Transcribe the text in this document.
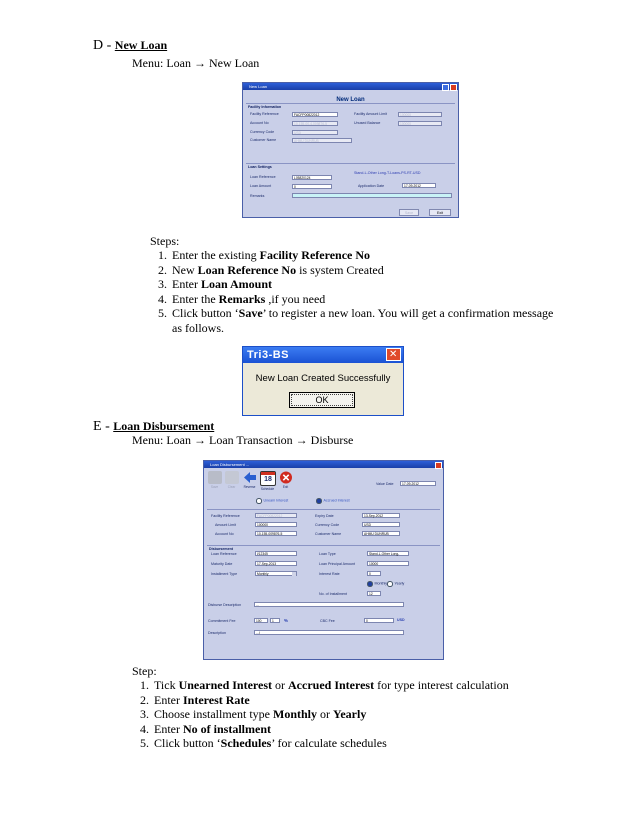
D - New Loan
Menu: Loan → New Loan
New Loan
New Loan
Facility Information
Facility Reference	FACFP00822012	Facility Amount Limit	100000
Account No	10-155-00-4-009876-5	Unused Balance	100000
Currency Code	USD
Customer Name	AHMU DUNRUB
Loan Settings
Loan Reference	L05820124
Stand-L-Other Long-T-Loans-PS-RT-USD
Loan Amount	0	Application Date	17-09-2012
Remarks
Save	Exit
Steps:
1. Enter the existing Facility Reference No
2. New Loan Reference No is system Created
3. Enter Loan Amount
4. Enter the Remarks ,if you need
5. Click button ‘Save’ to register a new loan. You will get a confirmation message as follows.
Tri3-BS	✕
New Loan Created Successfully
OK
E - Loan Disbursement
Menu: Loan → Loan Transaction → Disburse
Loan Disbursement ...
Save	Clear	Reverse
18
Schedule	Exit
Value Date	17-09-2012
Unearn Interest	Accrued Interest
Facility Reference	FACFP00822012	Expiry Date	13-Sep-2012
Amount Limit	100000	Currency Code	USD
Account No	10-155-009876-5	Customer Name	AHMU DUNRUB
Disbursement
Loan Reference	l/12345	Loan Type	Stand-L-Other Long-
Maturity Date	17-Sep-2013	Loan Principal Amount	10000
Installment Type	Monthly	Interest Rate	0
Monthly	Yearly
No. of Installment	12
Disburse Description	...
Commitment Fee	100	1	%	CBC Fee	0	USD
Description	...I
Step:
1. Tick Unearned Interest or Accrued Interest for type interest calculation
2. Enter Interest Rate
3. Choose installment type Monthly or Yearly
4. Enter No of installment
5. Click button ‘Schedules’ for calculate schedules
